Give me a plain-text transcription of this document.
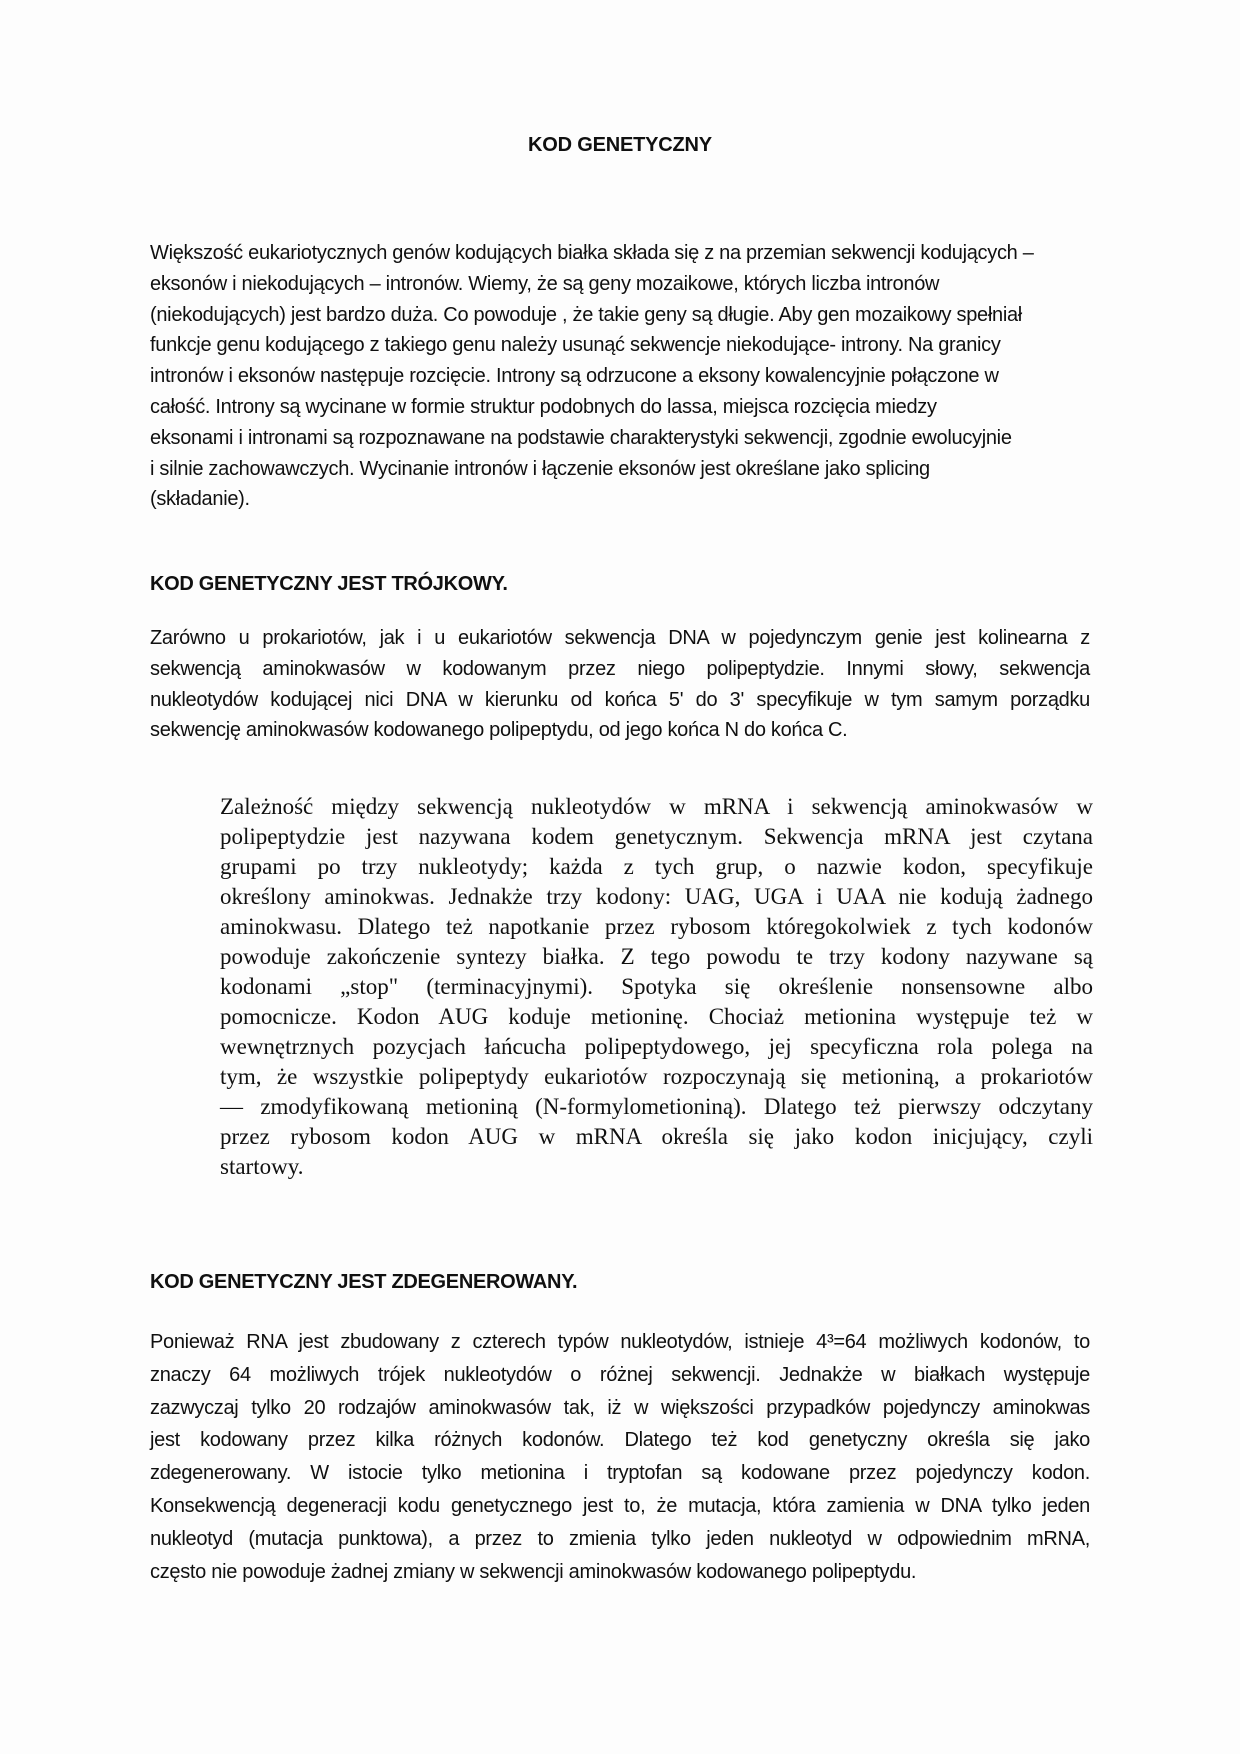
KOD GENETYCZNY
Większość eukariotycznych genów kodujących białka składa się z na przemian sekwencji kodujących –
eksonów i niekodujących – intronów. Wiemy, że są geny mozaikowe, których liczba intronów
(niekodujących) jest bardzo duża. Co powoduje , że takie geny są długie. Aby gen mozaikowy spełniał
funkcje genu kodującego z takiego genu należy usunąć sekwencje niekodujące- introny. Na granicy
intronów i eksonów następuje rozcięcie. Introny są odrzucone a eksony kowalencyjnie połączone w
całość. Introny są wycinane w formie struktur podobnych do lassa, miejsca rozcięcia miedzy
eksonami i intronami są rozpoznawane na podstawie charakterystyki sekwencji, zgodnie ewolucyjnie
i silnie zachowawczych. Wycinanie intronów i łączenie eksonów jest określane jako splicing
(składanie).
KOD GENETYCZNY JEST TRÓJKOWY.
Zarówno u prokariotów, jak i u eukariotów sekwencja DNA w pojedynczym genie jest kolinearna z
sekwencją aminokwasów w kodowanym przez niego polipeptydzie. Innymi słowy, sekwencja
nukleotydów kodującej nici DNA w kierunku od końca 5' do 3' specyfikuje w tym samym porządku
sekwencję aminokwasów kodowanego polipeptydu, od jego końca N do końca C.
Zależność między sekwencją nukleotydów w mRNA i sekwencją aminokwasów w
polipeptydzie jest nazywana kodem genetycznym. Sekwencja mRNA jest czytana
grupami po trzy nukleotydy; każda z tych grup, o nazwie kodon, specyfikuje
określony aminokwas. Jednakże trzy kodony: UAG, UGA i UAA nie kodują żadnego
aminokwasu. Dlatego też napotkanie przez rybosom któregokolwiek z tych kodonów
powoduje zakończenie syntezy białka. Z tego powodu te trzy kodony nazywane są
kodonami „stop" (terminacyjnymi). Spotyka się określenie nonsensowne albo
pomocnicze. Kodon AUG koduje metioninę. Chociaż metionina występuje też w
wewnętrznych pozycjach łańcucha polipeptydowego, jej specyficzna rola polega na
tym, że wszystkie polipeptydy eukariotów rozpoczynają się metioniną, a prokariotów
— zmodyfikowaną metioniną (N-formylometioniną). Dlatego też pierwszy odczytany
przez rybosom kodon AUG w mRNA określa się jako kodon inicjujący, czyli
startowy.
KOD GENETYCZNY JEST ZDEGENEROWANY.
Ponieważ RNA jest zbudowany z czterech typów nukleotydów, istnieje 4³=64 możliwych kodonów, to
znaczy 64 możliwych trójek nukleotydów o różnej sekwencji. Jednakże w białkach występuje
zazwyczaj tylko 20 rodzajów aminokwasów tak, iż w większości przypadków pojedynczy aminokwas
jest kodowany przez kilka różnych kodonów. Dlatego też kod genetyczny określa się jako
zdegenerowany. W istocie tylko metionina i tryptofan są kodowane przez pojedynczy kodon.
Konsekwencją degeneracji kodu genetycznego jest to, że mutacja, która zamienia w DNA tylko jeden
nukleotyd (mutacja punktowa), a przez to zmienia tylko jeden nukleotyd w odpowiednim mRNA,
często nie powoduje żadnej zmiany w sekwencji aminokwasów kodowanego polipeptydu.
